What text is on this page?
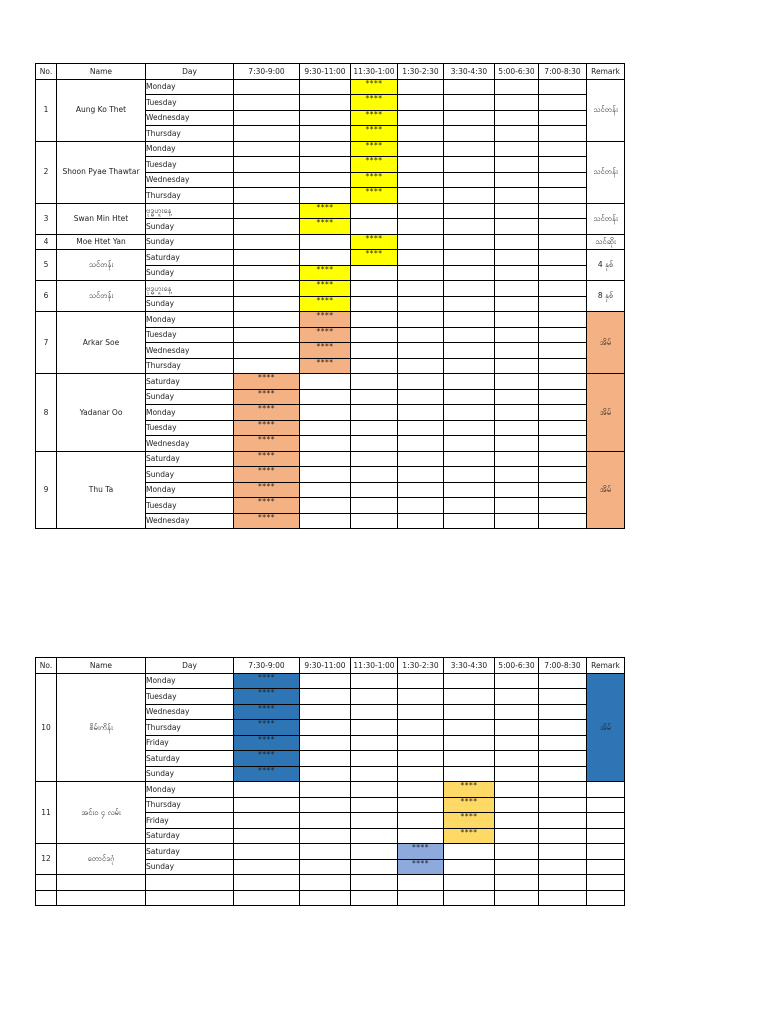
No.	Name	Day	7:30-9:00	9:30-11:00	11:30-1:00	1:30-2:30	3:30-4:30	5:00-6:30	7:00-8:30	Remark
1	Aung Ko Thet	Monday			****					သင်တန်း
		Tuesday			****					
		Wednesday			****					
		Thursday			****					
2	Shoon Pyae Thawtar	Monday			****					သင်တန်း
		Tuesday			****					
		Wednesday			****					
		Thursday			****					
3	Swan Min Htet	ဗုဒ္ဓဟူးနေ့		****						သင်တန်း
		Sunday		****						
4	Moe Htet Yan	Sunday			****					သင်ဆိုး
5	သင်တန်း	Saturday			****					4 နှစ်
		Sunday		****						
6	သင်တန်း	ဗုဒ္ဓဟူးနေ့		****						8 နှစ်
		Sunday		****						
7	Arkar Soe	Monday		****						အိမ်
		Tuesday		****						
		Wednesday		****						
		Thursday		****						
8	Yadanar Oo	Saturday	****							အိမ်
		Sunday	****							
		Monday	****							
		Tuesday	****							
		Wednesday	****							
9	Thu Ta	Saturday	****							အိမ်
		Sunday	****							
		Monday	****							
		Tuesday	****							
		Wednesday	****							
No.	Name	Day	7:30-9:00	9:30-11:00	11:30-1:00	1:30-2:30	3:30-4:30	5:00-6:30	7:00-8:30	Remark
10	စိမ်းကိန်း	Monday	****							အိမ်
		Tuesday	****							
		Wednesday	****							
		Thursday	****							
		Friday	****							
		Saturday	****							
		Sunday	****							
11	အင်းဝ ၄ လမ်း	Monday					****			
		Thursday					****			
		Friday					****			
		Saturday					****			
12	တောင်ဒဂုံ	Saturday				****				
		Sunday				****				
